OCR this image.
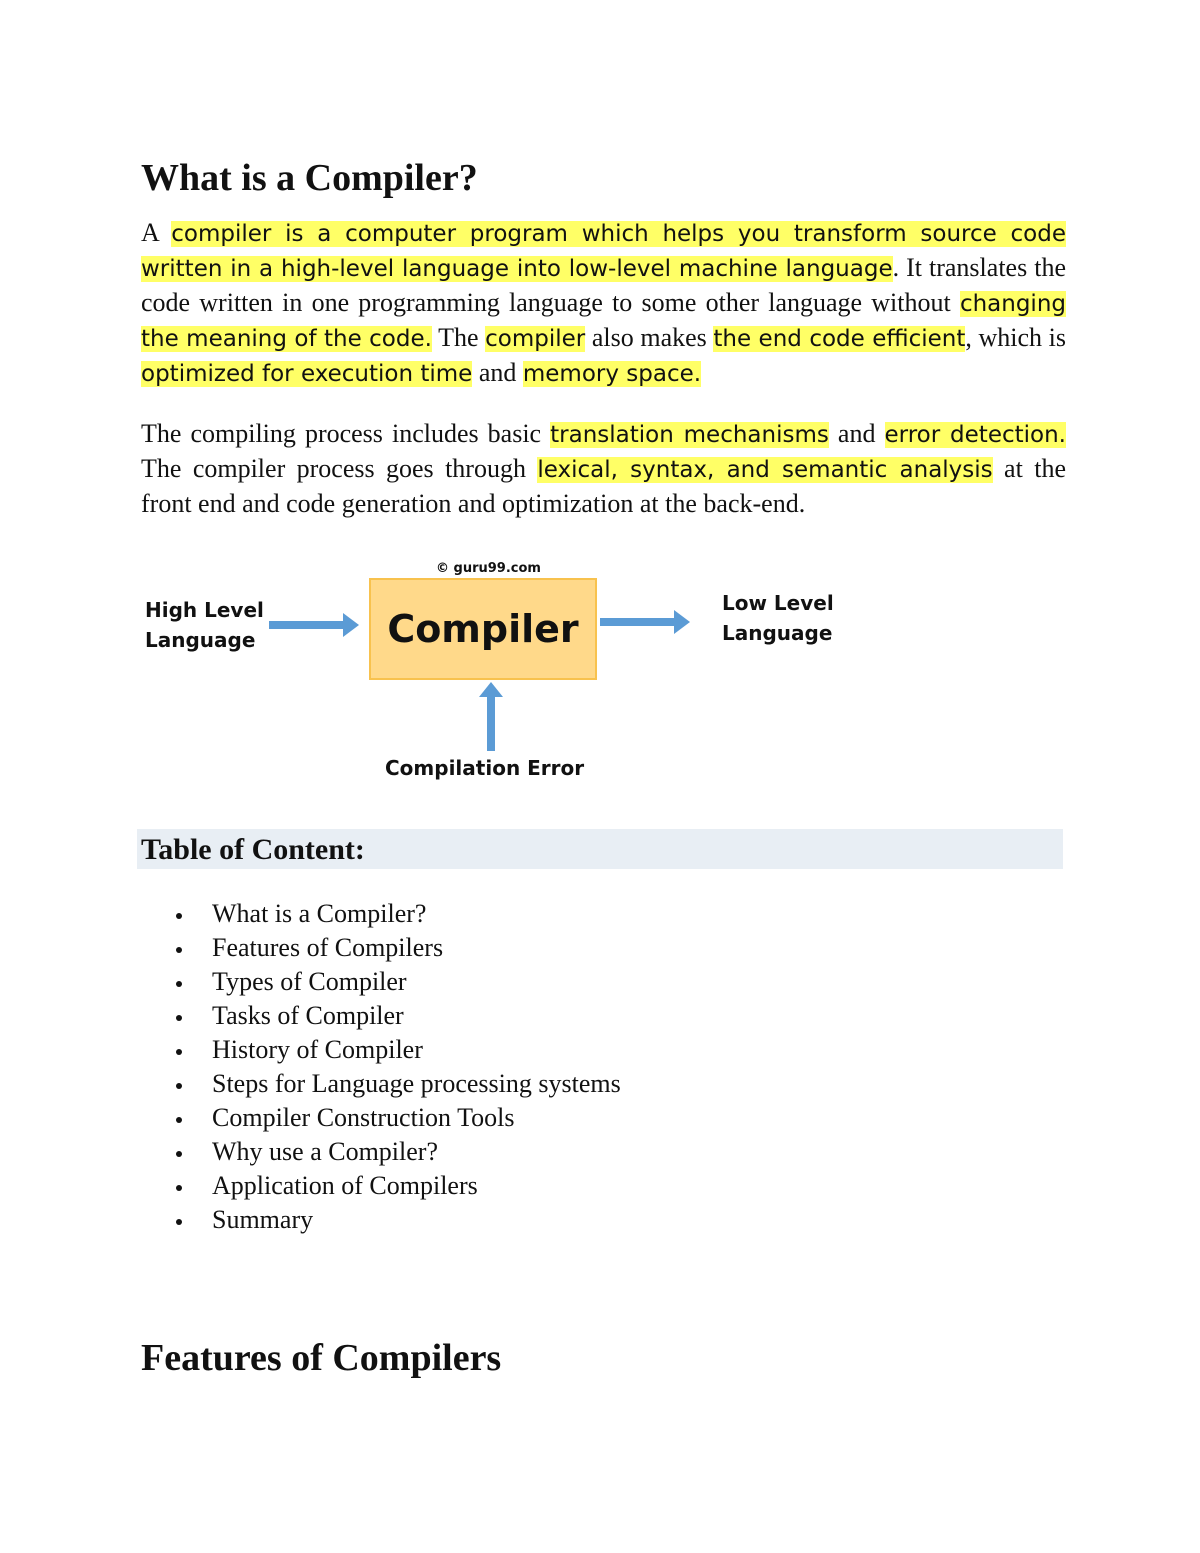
What is a Compiler?

A compiler is a computer program which helps you transform source code written in a high-level language into low-level machine language. It translates the code written in one programming language to some other language without changing the meaning of the code. The compiler also makes the end code efficient, which is optimized for execution time and memory space.

The compiling process includes basic translation mechanisms and error detection. The compiler process goes through lexical, syntax, and semantic analysis at the front end and code generation and optimization at the back-end.

© guru99.com
High Level
Language	Compiler
Low Level
Language
Compilation Error
Table of Content:
What is a Compiler?
Features of Compilers
Types of Compiler
Tasks of Compiler
History of Compiler
Steps for Language processing systems
Compiler Construction Tools
Why use a Compiler?
Application of Compilers
Summary
Features of Compilers
